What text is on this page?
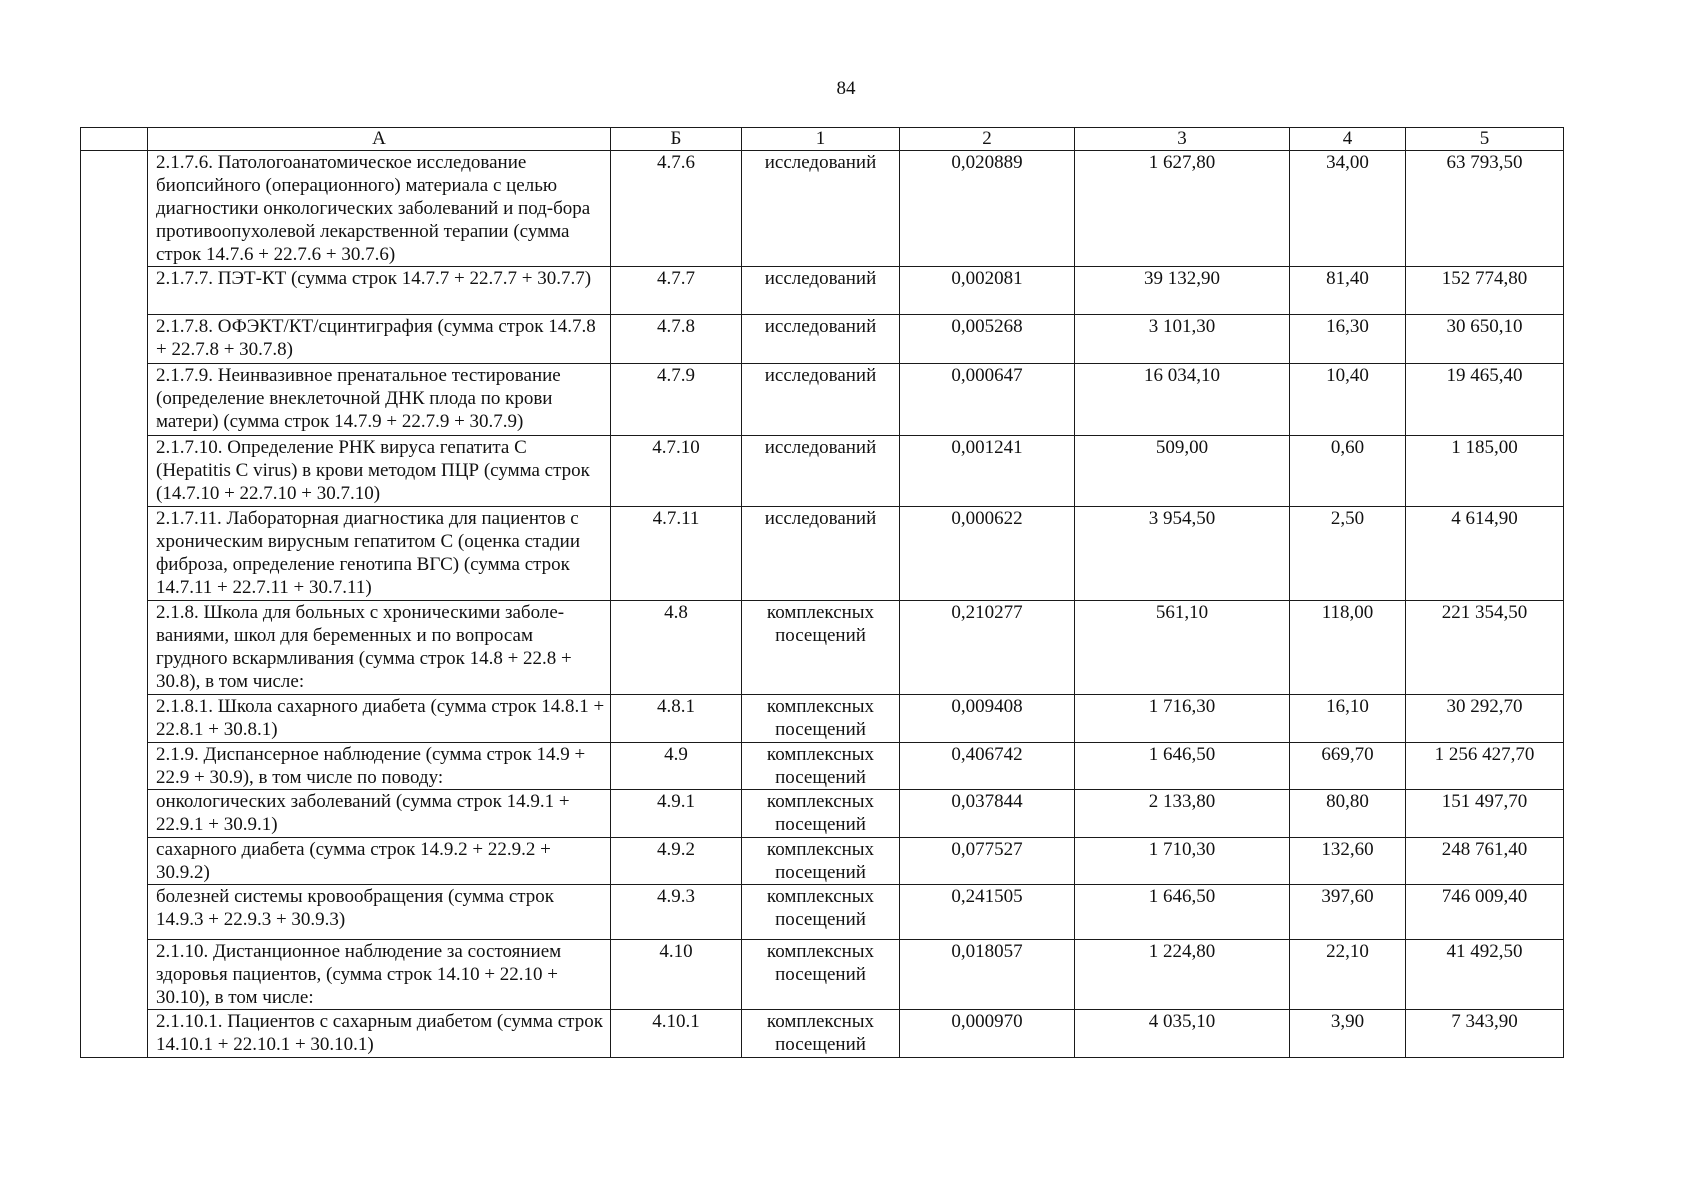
84
	А	Б	1	2	3	4	5
	2.1.7.6. Патологоанатомическое исследование биопсийного (операционного) материала с целью диагностики онкологических заболеваний и под-бора противоопухолевой лекарственной терапии (сумма строк 14.7.6 + 22.7.6 + 30.7.6)	4.7.6	исследований	0,020889	1 627,80	34,00	63 793,50
	2.1.7.7. ПЭТ-КТ (сумма строк 14.7.7 + 22.7.7 + 30.7.7)	4.7.7	исследований	0,002081	39 132,90	81,40	152 774,80
	2.1.7.8. ОФЭКТ/КТ/сцинтиграфия (сумма строк 14.7.8 + 22.7.8 + 30.7.8)	4.7.8	исследований	0,005268	3 101,30	16,30	30 650,10
	2.1.7.9. Неинвазивное пренатальное тестирование (определение внеклеточной ДНК плода по крови матери) (сумма строк 14.7.9 + 22.7.9 + 30.7.9)	4.7.9	исследований	0,000647	16 034,10	10,40	19 465,40
	2.1.7.10. Определение РНК вируса гепатита С (Hepatitis C virus) в крови методом ПЦР (сумма строк (14.7.10 + 22.7.10 + 30.7.10)	4.7.10	исследований	0,001241	509,00	0,60	1 185,00
	2.1.7.11. Лабораторная диагностика для пациентов с хроническим вирусным гепатитом С (оценка стадии фиброза, определение генотипа ВГС) (сумма строк 14.7.11 + 22.7.11 + 30.7.11)	4.7.11	исследований	0,000622	3 954,50	2,50	4 614,90
	2.1.8. Школа для больных с хроническими заболе-ваниями, школ для беременных и по вопросам грудного вскармливания (сумма строк 14.8 + 22.8 + 30.8), в том числе:	4.8	комплексных посещений	0,210277	561,10	118,00	221 354,50
	2.1.8.1. Школа сахарного диабета (сумма строк 14.8.1 + 22.8.1 + 30.8.1)	4.8.1	комплексных посещений	0,009408	1 716,30	16,10	30 292,70
	2.1.9. Диспансерное наблюдение (сумма строк 14.9 + 22.9 + 30.9), в том числе по поводу:	4.9	комплексных посещений	0,406742	1 646,50	669,70	1 256 427,70
	онкологических заболеваний (сумма строк 14.9.1 + 22.9.1 + 30.9.1)	4.9.1	комплексных посещений	0,037844	2 133,80	80,80	151 497,70
	сахарного диабета (сумма строк 14.9.2 + 22.9.2 + 30.9.2)	4.9.2	комплексных посещений	0,077527	1 710,30	132,60	248 761,40
	болезней системы кровообращения (сумма строк 14.9.3 + 22.9.3 + 30.9.3)	4.9.3	комплексных посещений	0,241505	1 646,50	397,60	746 009,40
	2.1.10. Дистанционное наблюдение за состоянием здоровья пациентов, (сумма строк 14.10 + 22.10 + 30.10), в том числе:	4.10	комплексных посещений	0,018057	1 224,80	22,10	41 492,50
	2.1.10.1. Пациентов с сахарным диабетом (сумма строк 14.10.1 + 22.10.1 + 30.10.1)	4.10.1	комплексных посещений	0,000970	4 035,10	3,90	7 343,90
